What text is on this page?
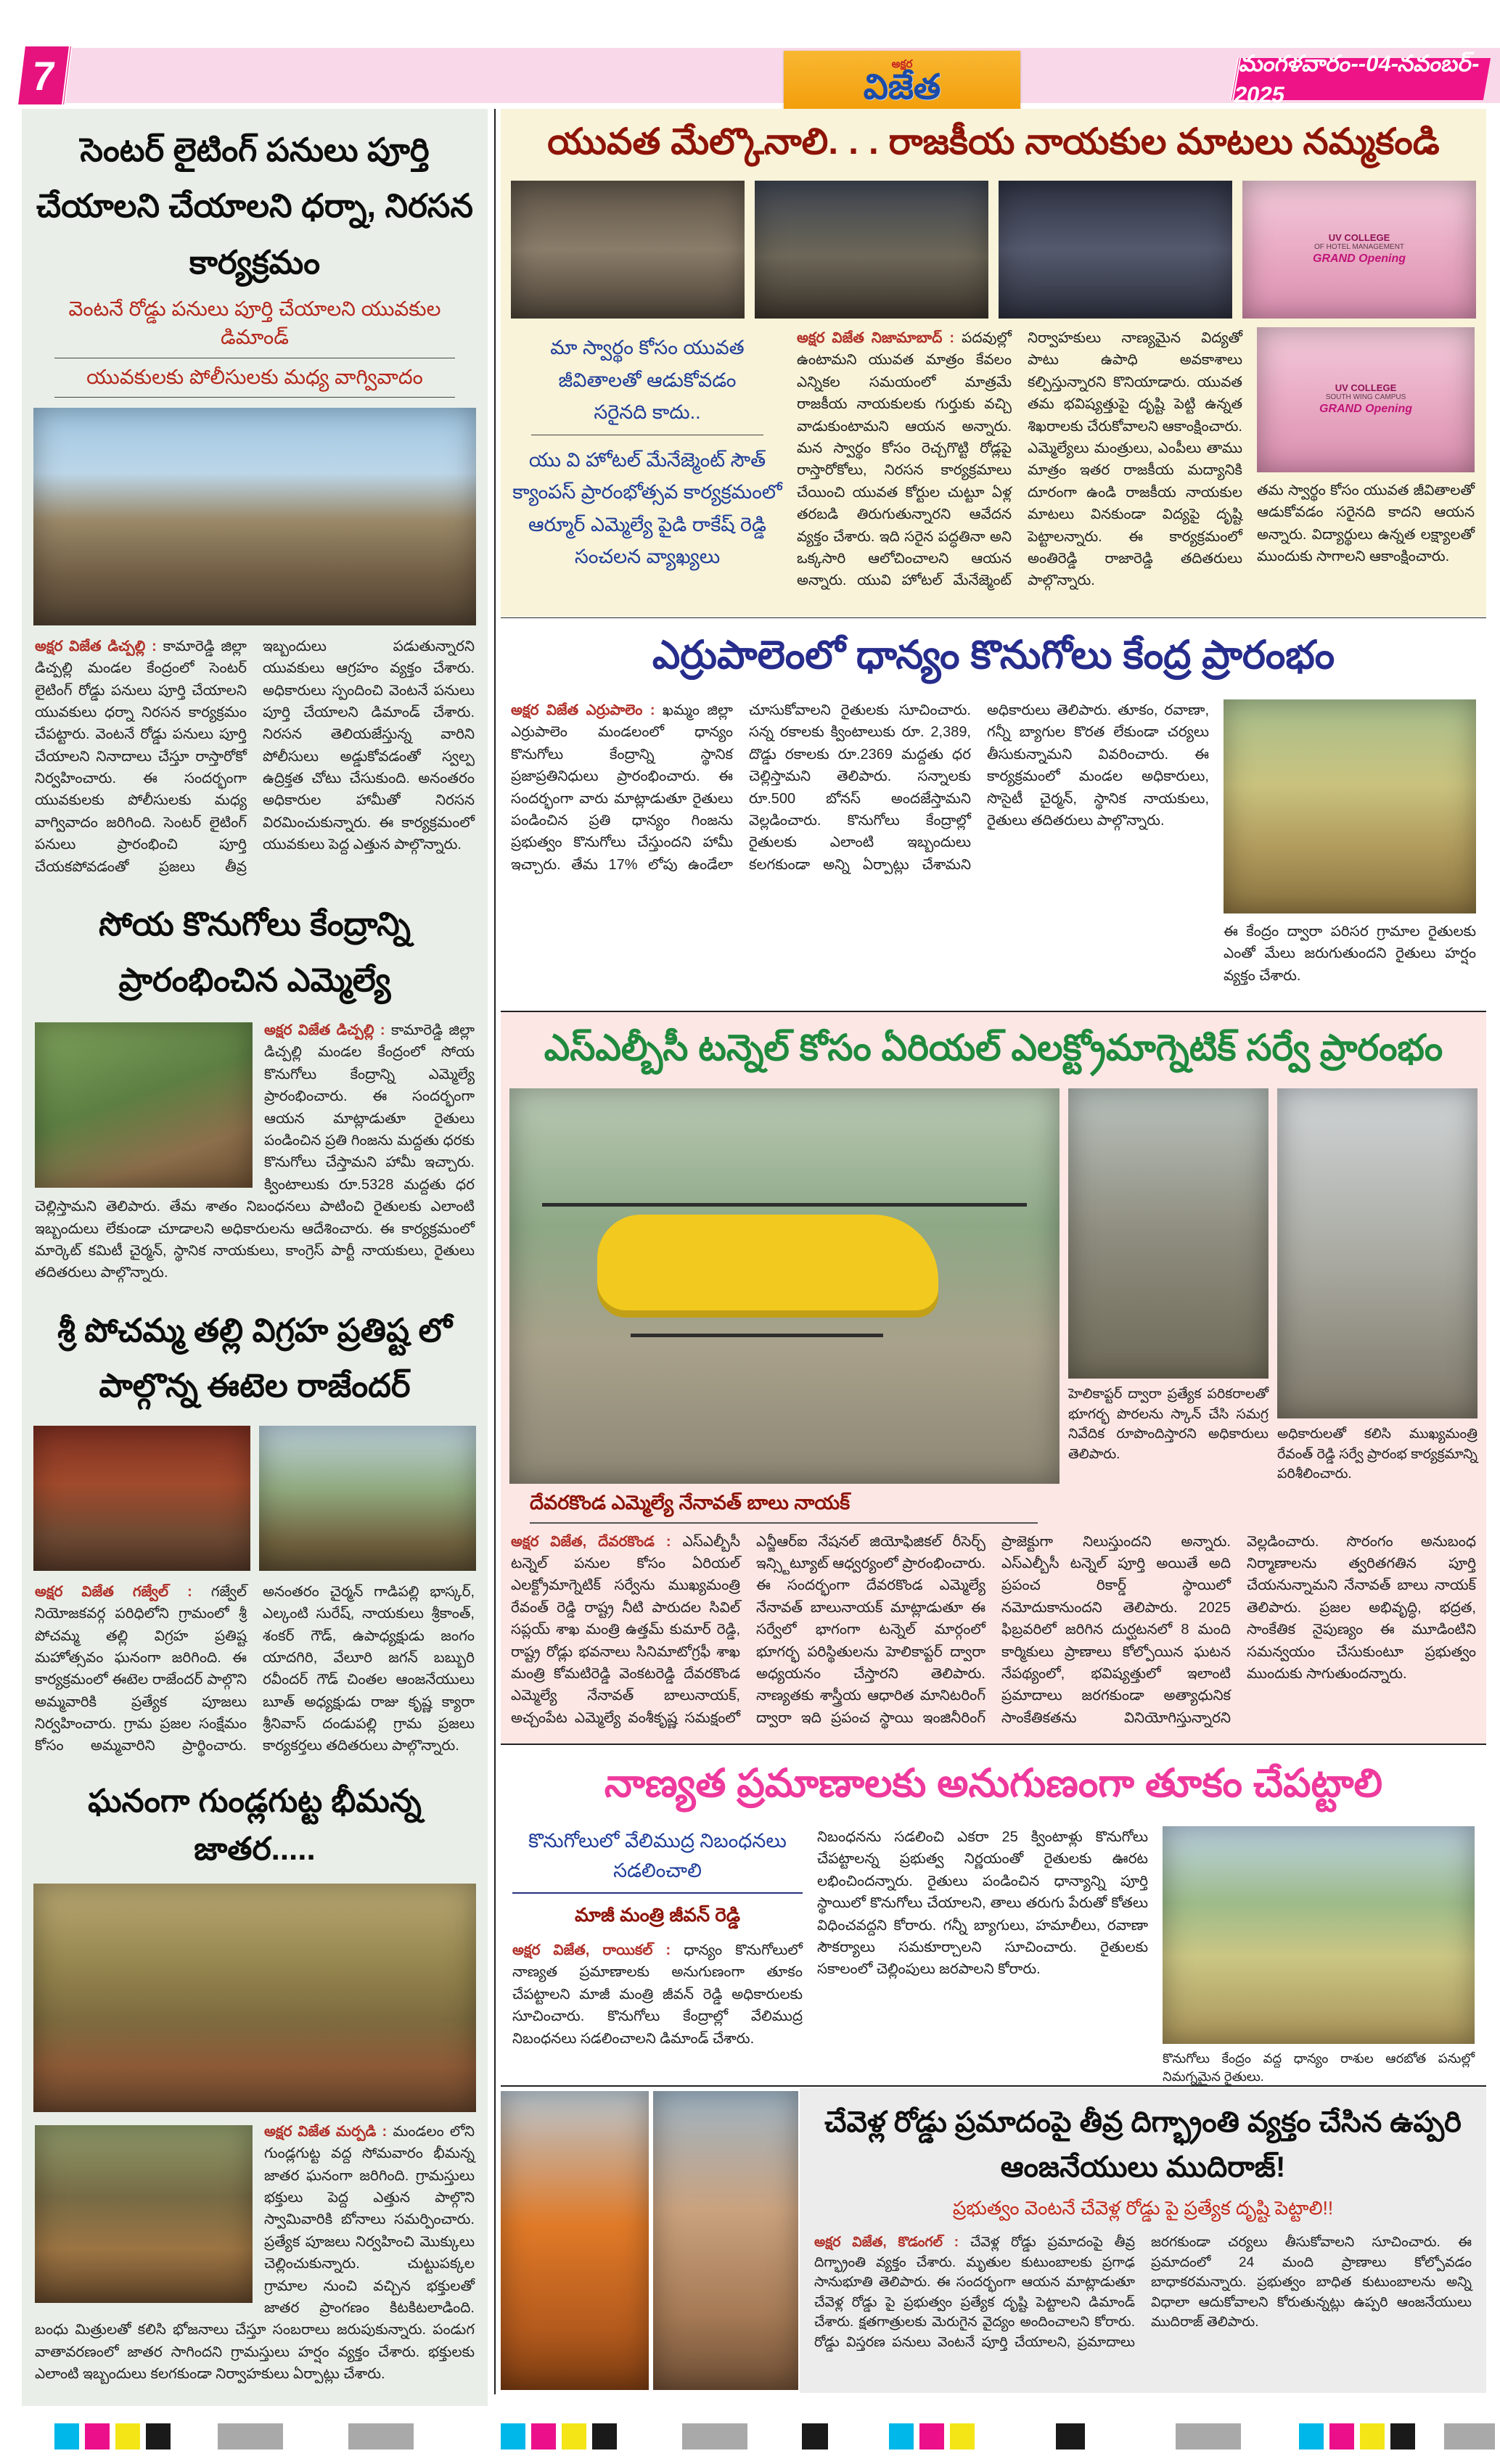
7	అక్షర
విజేత
మంగళవారం--04-నవంబర్- 2025
సెంటర్ లైటింగ్ పనులు పూర్తి చేయాలని చేయాలని ధర్నా, నిరసన కార్యక్రమం
వెంటనే రోడ్డు పనులు పూర్తి చేయాలని యువకుల డిమాండ్
యువకులకు పోలీసులకు మధ్య వాగ్వివాదం
అక్షర విజేత డిచ్పల్లి : కామారెడ్డి జిల్లా డిచ్పల్లి మండల కేంద్రంలో సెంటర్ లైటింగ్ రోడ్డు పనులు పూర్తి చేయాలని యువకులు ధర్నా నిరసన కార్యక్రమం చేపట్టారు. వెంటనే రోడ్డు పనులు పూర్తి చేయాలని నినాదాలు చేస్తూ రాస్తారోకో నిర్వహించారు. ఈ సందర్భంగా యువకులకు పోలీసులకు మధ్య వాగ్వివాదం జరిగింది. సెంటర్ లైటింగ్ పనులు ప్రారంభించి పూర్తి చేయకపోవడంతో ప్రజలు తీవ్ర ఇబ్బందులు పడుతున్నారని యువకులు ఆగ్రహం వ్యక్తం చేశారు. అధికారులు స్పందించి వెంటనే పనులు పూర్తి చేయాలని డిమాండ్ చేశారు. నిరసన తెలియజేస్తున్న వారిని పోలీసులు అడ్డుకోవడంతో స్వల్ప ఉద్రిక్తత చోటు చేసుకుంది. అనంతరం అధికారుల హామీతో నిరసన విరమించుకున్నారు. ఈ కార్యక్రమంలో యువకులు పెద్ద ఎత్తున పాల్గొన్నారు.
సోయ కొనుగోలు కేంద్రాన్ని ప్రారంభించిన ఎమ్మెల్యే
అక్షర విజేత డిచ్పల్లి : కామారెడ్డి జిల్లా డిచ్పల్లి మండల కేంద్రంలో సోయ కొనుగోలు కేంద్రాన్ని ఎమ్మెల్యే ప్రారంభించారు. ఈ సందర్భంగా ఆయన మాట్లాడుతూ రైతులు పండించిన ప్రతి గింజను మద్దతు ధరకు కొనుగోలు చేస్తామని హామీ ఇచ్చారు. క్వింటాలుకు రూ.5328 మద్దతు ధర చెల్లిస్తామని తెలిపారు. తేమ శాతం నిబంధనలు పాటించి రైతులకు ఎలాంటి ఇబ్బందులు లేకుండా చూడాలని అధికారులను ఆదేశించారు. ఈ కార్యక్రమంలో మార్కెట్ కమిటీ చైర్మన్, స్థానిక నాయకులు, కాంగ్రెస్ పార్టీ నాయకులు, రైతులు తదితరులు పాల్గొన్నారు.
శ్రీ పోచమ్మ తల్లి విగ్రహ ప్రతిష్ట లో పాల్గొన్న ఈటెల రాజేందర్
అక్షర విజేత గజ్వేల్ : గజ్వేల్ నియోజకవర్గ పరిధిలోని గ్రామంలో శ్రీ పోచమ్మ తల్లి విగ్రహ ప్రతిష్ట మహోత్సవం ఘనంగా జరిగింది. ఈ కార్యక్రమంలో ఈటెల రాజేందర్ పాల్గొని అమ్మవారికి ప్రత్యేక పూజలు నిర్వహించారు. గ్రామ ప్రజల సంక్షేమం కోసం అమ్మవారిని ప్రార్థించారు. అనంతరం చైర్మన్ గాడిపల్లి భాస్కర్, ఎల్కంటి సురేష్, నాయకులు శ్రీకాంత్, శంకర్ గౌడ్, ఉపాధ్యక్షుడు జంగం యాదగిరి, వేలూరి జగన్ బబ్బురి రవీందర్ గౌడ్ చింతల ఆంజనేయులు బూత్ అధ్యక్షుడు రాజు కృష్ణ క్యారా శ్రీనివాస్ దండుపల్లి గ్రామ ప్రజలు కార్యకర్తలు తదితరులు పాల్గొన్నారు.
ఘనంగా గుండ్లగుట్ట భీమన్న జాతర.....
అక్షర విజేత మర్పడి : మండలం లోని గుండ్లగుట్ట వద్ద సోమవారం భీమన్న జాతర ఘనంగా జరిగింది. గ్రామస్తులు భక్తులు పెద్ద ఎత్తున పాల్గొని స్వామివారికి బోనాలు సమర్పించారు. ప్రత్యేక పూజలు నిర్వహించి మొక్కులు చెల్లించుకున్నారు. చుట్టుపక్కల గ్రామాల నుంచి వచ్చిన భక్తులతో జాతర ప్రాంగణం కిటకిటలాడింది. బంధు మిత్రులతో కలిసి భోజనాలు చేస్తూ సంబరాలు జరుపుకున్నారు. పండుగ వాతావరణంలో జాతర సాగిందని గ్రామస్తులు హర్షం వ్యక్తం చేశారు. భక్తులకు ఎలాంటి ఇబ్బందులు కలగకుండా నిర్వాహకులు ఏర్పాట్లు చేశారు.
యువత మేల్కొనాలి. . . రాజకీయ నాయకుల మాటలు నమ్మకండి
UV COLLEGE
OF HOTEL MANAGEMENT
GRAND Opening
మా స్వార్థం కోసం యువత జీవితాలతో ఆడుకోవడం సరైనది కాదు..
యు వి హోటల్ మేనేజ్మెంట్ సౌత్ క్యాంపస్ ప్రారంభోత్సవ కార్యక్రమంలో ఆర్మూర్ ఎమ్మెల్యే పైడి రాకేష్ రెడ్డి సంచలన వ్యాఖ్యలు
అక్షర విజేత నిజామాబాద్ : పదవుల్లో ఉంటామని యువత మాత్రం కేవలం ఎన్నికల సమయంలో మాత్రమే రాజకీయ నాయకులకు గుర్తుకు వచ్చి వాడుకుంటామని ఆయన అన్నారు. మన స్వార్థం కోసం రెచ్చగొట్టి రోడ్లపై రాస్తారోకోలు, నిరసన కార్యక్రమాలు చేయించి యువత కోర్టుల చుట్టూ ఏళ్ల తరబడి తిరుగుతున్నారని ఆవేదన వ్యక్తం చేశారు. ఇది సరైన పద్ధతినా అని ఒక్కసారి ఆలోచించాలని ఆయన అన్నారు. యువి హోటల్ మేనేజ్మెంట్ నిర్వాహకులు నాణ్యమైన విద్యతో పాటు ఉపాధి అవకాశాలు కల్పిస్తున్నారని కొనియాడారు. యువత తమ భవిష్యత్తుపై దృష్టి పెట్టి ఉన్నత శిఖరాలకు చేరుకోవాలని ఆకాంక్షించారు. ఎమ్మెల్యేలు మంత్రులు, ఎంపీలు తాము మాత్రం ఇతర రాజకీయ మద్యానికి దూరంగా ఉండి రాజకీయ నాయకుల మాటలు వినకుండా విద్యపై దృష్టి పెట్టాలన్నారు. ఈ కార్యక్రమంలో అంతిరెడ్డి రాజారెడ్డి తదితరులు పాల్గొన్నారు.
UV COLLEGE
SOUTH WING CAMPUS
GRAND Opening
తమ స్వార్థం కోసం యువత జీవితాలతో ఆడుకోవడం సరైనది కాదని ఆయన అన్నారు. విద్యార్థులు ఉన్నత లక్ష్యాలతో ముందుకు సాగాలని ఆకాంక్షించారు.
ఎర్రుపాలెంలో ధాన్యం కొనుగోలు కేంద్ర ప్రారంభం
అక్షర విజేత ఎర్రుపాలెం : ఖమ్మం జిల్లా ఎర్రుపాలెం మండలంలో ధాన్యం కొనుగోలు కేంద్రాన్ని స్థానిక ప్రజాప్రతినిధులు ప్రారంభించారు. ఈ సందర్భంగా వారు మాట్లాడుతూ రైతులు పండించిన ప్రతి ధాన్యం గింజను ప్రభుత్వం కొనుగోలు చేస్తుందని హామీ ఇచ్చారు. తేమ 17% లోపు ఉండేలా చూసుకోవాలని రైతులకు సూచించారు. సన్న రకాలకు క్వింటాలుకు రూ. 2,389, దొడ్డు రకాలకు రూ.2369 మద్దతు ధర చెల్లిస్తామని తెలిపారు. సన్నాలకు రూ.500 బోనస్ అందజేస్తామని వెల్లడించారు. కొనుగోలు కేంద్రాల్లో రైతులకు ఎలాంటి ఇబ్బందులు కలగకుండా అన్ని ఏర్పాట్లు చేశామని అధికారులు తెలిపారు. తూకం, రవాణా, గన్నీ బ్యాగుల కొరత లేకుండా చర్యలు తీసుకున్నామని వివరించారు. ఈ కార్యక్రమంలో మండల అధికారులు, సొసైటీ చైర్మన్, స్థానిక నాయకులు, రైతులు తదితరులు పాల్గొన్నారు.
ఈ కేంద్రం ద్వారా పరిసర గ్రామాల రైతులకు ఎంతో మేలు జరుగుతుందని రైతులు హర్షం వ్యక్తం చేశారు.
ఎస్ఎల్బీసీ టన్నెల్ కోసం ఏరియల్ ఎలక్ట్రోమాగ్నెటిక్ సర్వే ప్రారంభం
హెలికాప్టర్ ద్వారా ప్రత్యేక పరికరాలతో భూగర్భ పొరలను స్కాన్ చేసి సమగ్ర నివేదిక రూపొందిస్తారని అధికారులు తెలిపారు.
అధికారులతో కలిసి ముఖ్యమంత్రి రేవంత్ రెడ్డి సర్వే ప్రారంభ కార్యక్రమాన్ని పరిశీలించారు.
దేవరకొండ ఎమ్మెల్యే నేనావత్ బాలు నాయక్
అక్షర విజేత, దేవరకొండ : ఎస్ఎల్బీసీ టన్నెల్ పనుల కోసం ఏరియల్ ఎలక్ట్రోమాగ్నెటిక్ సర్వేను ముఖ్యమంత్రి రేవంత్ రెడ్డి రాష్ట్ర నీటి పారుదల సివిల్ సప్లయ్ శాఖ మంత్రి ఉత్తమ్ కుమార్ రెడ్డి, రాష్ట్ర రోడ్లు భవనాలు సినిమాటోగ్రఫీ శాఖ మంత్రి కోమటిరెడ్డి వెంకటరెడ్డి దేవరకొండ ఎమ్మెల్యే నేనావత్ బాలునాయక్, అచ్చంపేట ఎమ్మెల్యే వంశీకృష్ణ సమక్షంలో ఎన్జీఆర్ఐ నేషనల్ జియోఫిజికల్ రీసెర్చ్ ఇన్స్టిట్యూట్ ఆధ్వర్యంలో ప్రారంభించారు. ఈ సందర్భంగా దేవరకొండ ఎమ్మెల్యే నేనావత్ బాలునాయక్ మాట్లాడుతూ ఈ సర్వేలో భాగంగా టన్నెల్ మార్గంలో భూగర్భ పరిస్థితులను హెలికాప్టర్ ద్వారా అధ్యయనం చేస్తారని తెలిపారు. నాణ్యతకు శాస్త్రీయ ఆధారిత మానిటరింగ్ ద్వారా ఇది ప్రపంచ స్థాయి ఇంజినీరింగ్ ప్రాజెక్టుగా నిలుస్తుందని అన్నారు. ఎస్ఎల్బీసీ టన్నెల్ పూర్తి అయితే అది ప్రపంచ రికార్డ్ స్థాయిలో నమోదుకానుందని తెలిపారు. 2025 ఫిబ్రవరిలో జరిగిన దుర్ఘటనలో 8 మంది కార్మికులు ప్రాణాలు కోల్పోయిన ఘటన నేపథ్యంలో, భవిష్యత్తులో ఇలాంటి ప్రమాదాలు జరగకుండా అత్యాధునిక సాంకేతికతను వినియోగిస్తున్నారని వెల్లడించారు. సొరంగం అనుబంధ నిర్మాణాలను త్వరితగతిన పూర్తి చేయనున్నామని నేనావత్ బాలు నాయక్ తెలిపారు. ప్రజల అభివృద్ధి, భద్రత, సాంకేతిక నైపుణ్యం ఈ మూడింటిని సమన్వయం చేసుకుంటూ ప్రభుత్వం ముందుకు సాగుతుందన్నారు.
నాణ్యత ప్రమాణాలకు అనుగుణంగా తూకం చేపట్టాలి
కొనుగోలులో వేలిముద్ర నిబంధనలు సడలించాలి
మాజీ మంత్రి జీవన్ రెడ్డి
అక్షర విజేత, రాయికల్ : ధాన్యం కొనుగోలులో నాణ్యత ప్రమాణాలకు అనుగుణంగా తూకం చేపట్టాలని మాజీ మంత్రి జీవన్ రెడ్డి అధికారులకు సూచించారు. కొనుగోలు కేంద్రాల్లో వేలిముద్ర నిబంధనలు సడలించాలని డిమాండ్ చేశారు.
నిబంధనను సడలించి ఎకరా 25 క్వింటాళ్లు కొనుగోలు చేపట్టాలన్న ప్రభుత్వ నిర్ణయంతో రైతులకు ఊరట లభించిందన్నారు. రైతులు పండించిన ధాన్యాన్ని పూర్తి స్థాయిలో కొనుగోలు చేయాలని, తాలు తరుగు పేరుతో కోతలు విధించవద్దని కోరారు. గన్నీ బ్యాగులు, హమాలీలు, రవాణా సౌకర్యాలు సమకూర్చాలని సూచించారు. రైతులకు సకాలంలో చెల్లింపులు జరపాలని కోరారు.
కొనుగోలు కేంద్రం వద్ద ధాన్యం రాశుల ఆరబోత పనుల్లో నిమగ్నమైన రైతులు.
చేవెళ్ల రోడ్డు ప్రమాదంపై తీవ్ర దిగ్భ్రాంతి వ్యక్తం చేసిన ఉప్పరి ఆంజనేయులు ముదిరాజ్!
ప్రభుత్వం వెంటనే చేవెళ్ల రోడ్డు పై ప్రత్యేక దృష్టి పెట్టాలి!!
అక్షర విజేత, కొడంగల్ : చేవెళ్ల రోడ్డు ప్రమాదంపై తీవ్ర దిగ్భ్రాంతి వ్యక్తం చేశారు. మృతుల కుటుంబాలకు ప్రగాఢ సానుభూతి తెలిపారు. ఈ సందర్భంగా ఆయన మాట్లాడుతూ చేవెళ్ల రోడ్డు పై ప్రభుత్వం ప్రత్యేక దృష్టి పెట్టాలని డిమాండ్ చేశారు. క్షతగాత్రులకు మెరుగైన వైద్యం అందించాలని కోరారు. రోడ్డు విస్తరణ పనులు వెంటనే పూర్తి చేయాలని, ప్రమాదాలు జరగకుండా చర్యలు తీసుకోవాలని సూచించారు. ఈ ప్రమాదంలో 24 మంది ప్రాణాలు కోల్పోవడం బాధాకరమన్నారు. ప్రభుత్వం బాధిత కుటుంబాలను అన్ని విధాలా ఆదుకోవాలని కోరుతున్నట్లు ఉప్పరి ఆంజనేయులు ముదిరాజ్ తెలిపారు.
